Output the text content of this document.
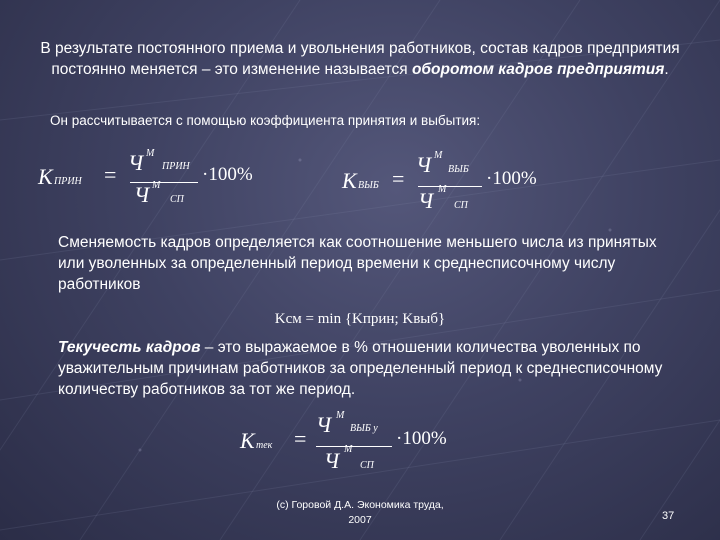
В результате постоянного приема и увольнения работников, состав кадров предприятия постоянно меняется – это изменение называется оборотом кадров предприятия.
Он рассчитывается с помощью коэффициента принятия и выбытия:
K ПРИН = Ч М
ПРИН
Ч М
СП
·100%	K ВЫБ =
Ч М
ВЫБ
Ч М
СП
·100%
Сменяемость кадров определяется как соотношение меньшего числа из принятых или уволенных за определенный период времени к среднесписочному числу работников
Kсм = min {Kприн; Kвыб}
Текучесть кадров – это выражаемое в % отношении количества уволенных по уважительным причинам работников за определенный период к среднесписочному количеству работников за тот же период.
K тек =
Ч М
ВЫБ у
Ч М
СП
·100%
(с) Горовой Д.А. Экономика труда,
2007	37
